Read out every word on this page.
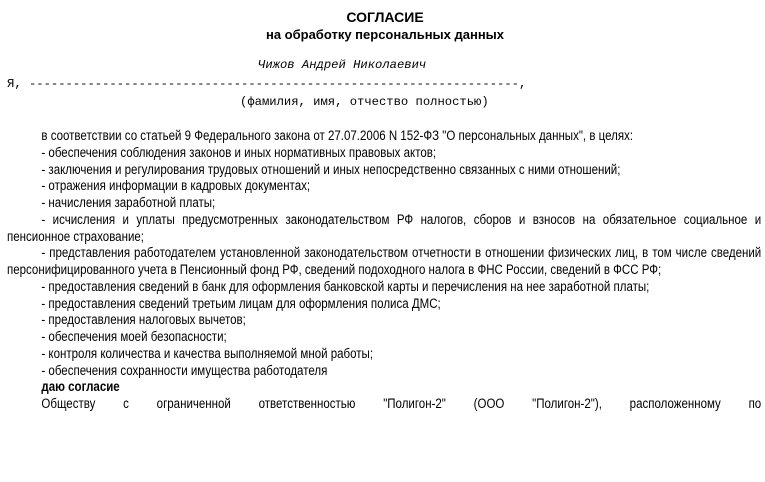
СОГЛАСИЕ
на обработку персональных данных
Чижов Андрей Николаевич
Я, -------------------------------------------------------------------,
(фамилия, имя, отчество полностью)

в соответствии со статьей 9 Федерального закона от 27.07.2006 N 152-ФЗ "О персональных данных", в целях:

- обеспечения соблюдения законов и иных нормативных правовых актов;

- заключения и регулирования трудовых отношений и иных непосредственно связанных с ними отношений;

- отражения информации в кадровых документах;

- начисления заработной платы;

- исчисления и уплаты предусмотренных законодательством РФ налогов, сборов и взносов на обязательное социальное и пенсионное страхование;

- представления работодателем установленной законодательством отчетности в отношении физических лиц, в том числе сведений персонифицированного учета в Пенсионный фонд РФ, сведений подоходного налога в ФНС России, сведений в ФСС РФ;

- предоставления сведений в банк для оформления банковской карты и перечисления на нее заработной платы;

- предоставления сведений третьим лицам для оформления полиса ДМС;

- предоставления налоговых вычетов;

- обеспечения моей безопасности;

- контроля количества и качества выполняемой мной работы;

- обеспечения сохранности имущества работодателя

даю согласие

Обществу с ограниченной ответственностью "Полигон-2" (ООО "Полигон-2"), расположенному по
